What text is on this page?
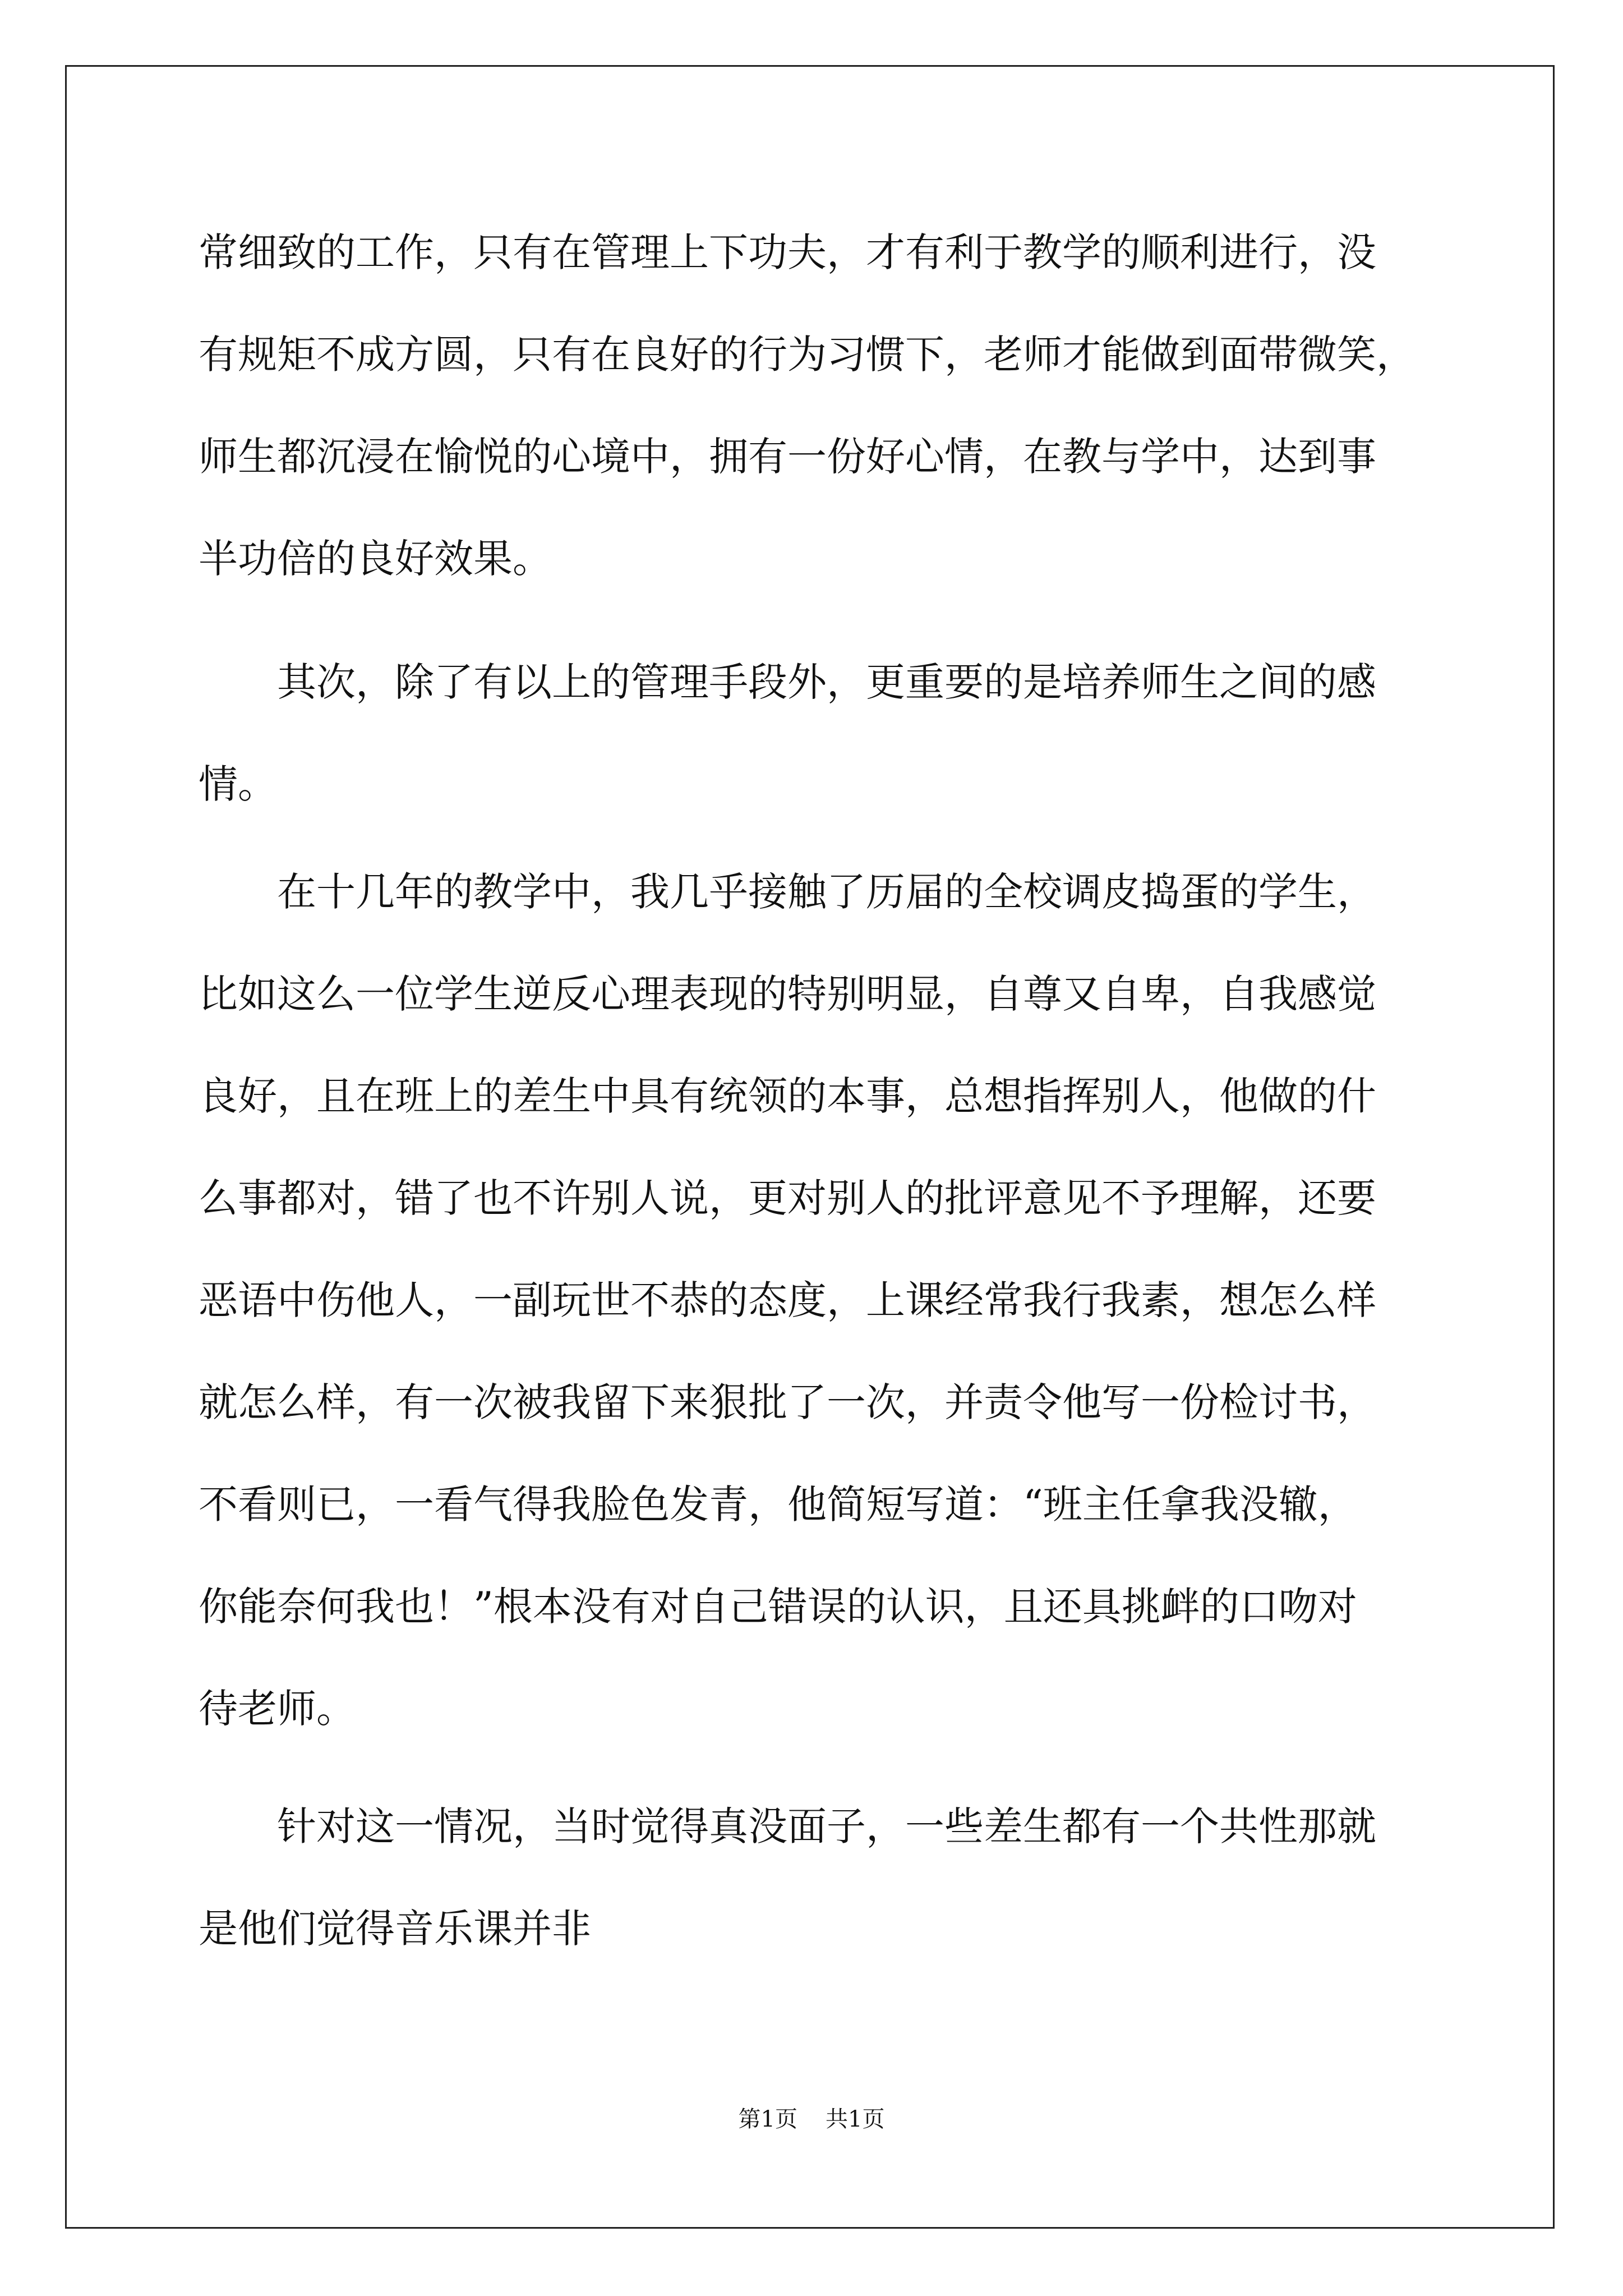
常细致的工作，只有在管理上下功夫，才有利于教学的顺利进行，没

有规矩不成方圆，只有在良好的行为习惯下，老师才能做到面带微笑，

师生都沉浸在愉悦的心境中，拥有一份好心情，在教与学中，达到事

半功倍的良好效果。

　　其次，除了有以上的管理手段外，更重要的是培养师生之间的感

情。

　　在十几年的教学中，我几乎接触了历届的全校调皮捣蛋的学生，

比如这么一位学生逆反心理表现的特别明显，自尊又自卑，自我感觉

良好，且在班上的差生中具有统领的本事，总想指挥别人，他做的什

么事都对，错了也不许别人说，更对别人的批评意见不予理解，还要

恶语中伤他人，一副玩世不恭的态度，上课经常我行我素，想怎么样

就怎么样，有一次被我留下来狠批了一次，并责令他写一份检讨书，

不看则已，一看气得我脸色发青，他简短写道：“班主任拿我没辙，

你能奈何我也！”根本没有对自己错误的认识，且还具挑衅的口吻对

待老师。

　　针对这一情况，当时觉得真没面子，一些差生都有一个共性那就

是他们觉得音乐课并非

第1页 共1页
